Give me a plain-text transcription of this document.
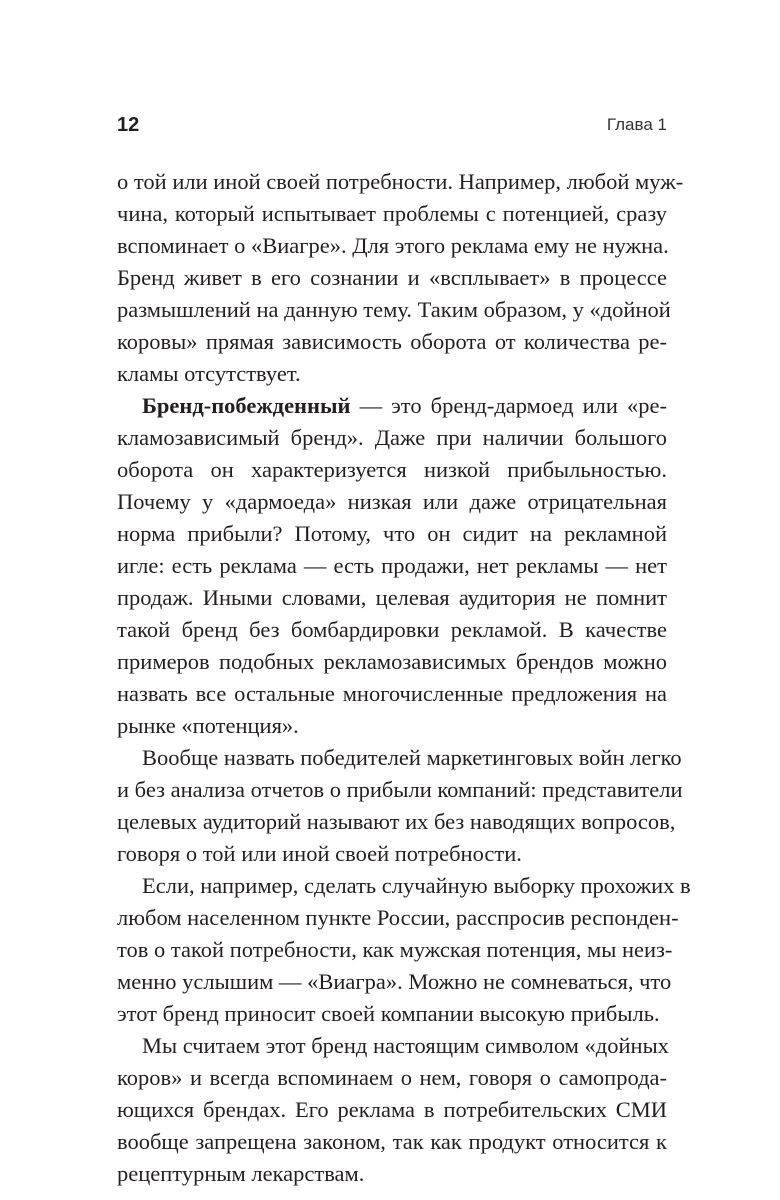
12	Глава 1
о той или иной своей потребности. Например, любой муж-
чина, который испытывает проблемы с потенцией, сразу
вспоминает о «Виагре». Для этого реклама ему не нужна.
Бренд живет в его сознании и «всплывает» в процессе
размышлений на данную тему. Таким образом, у «дойной
коровы» прямая зависимость оборота от количества ре-
кламы отсутствует.
Бренд-побежденный — это бренд-дармоед или «ре-
кламозависимый бренд». Даже при наличии большого
оборота он характеризуется низкой прибыльностью.
Почему у «дармоеда» низкая или даже отрицательная
норма прибыли? Потому, что он сидит на рекламной
игле: есть реклама — есть продажи, нет рекламы — нет
продаж. Иными словами, целевая аудитория не помнит
такой бренд без бомбардировки рекламой. В качестве
примеров подобных рекламозависимых брендов можно
назвать все остальные многочисленные предложения на
рынке «потенция».
Вообще назвать победителей маркетинговых войн легко
и без анализа отчетов о прибыли компаний: представители
целевых аудиторий называют их без наводящих вопросов,
говоря о той или иной своей потребности.
Если, например, сделать случайную выборку прохожих в
любом населенном пункте России, расспросив респонден-
тов о такой потребности, как мужская потенция, мы неиз-
менно услышим — «Виагра». Можно не сомневаться, что
этот бренд приносит своей компании высокую прибыль.
Мы считаем этот бренд настоящим символом «дойных
коров» и всегда вспоминаем о нем, говоря о самопрода-
ющихся брендах. Его реклама в потребительских СМИ
вообще запрещена законом, так как продукт относится к
рецептурным лекарствам.
